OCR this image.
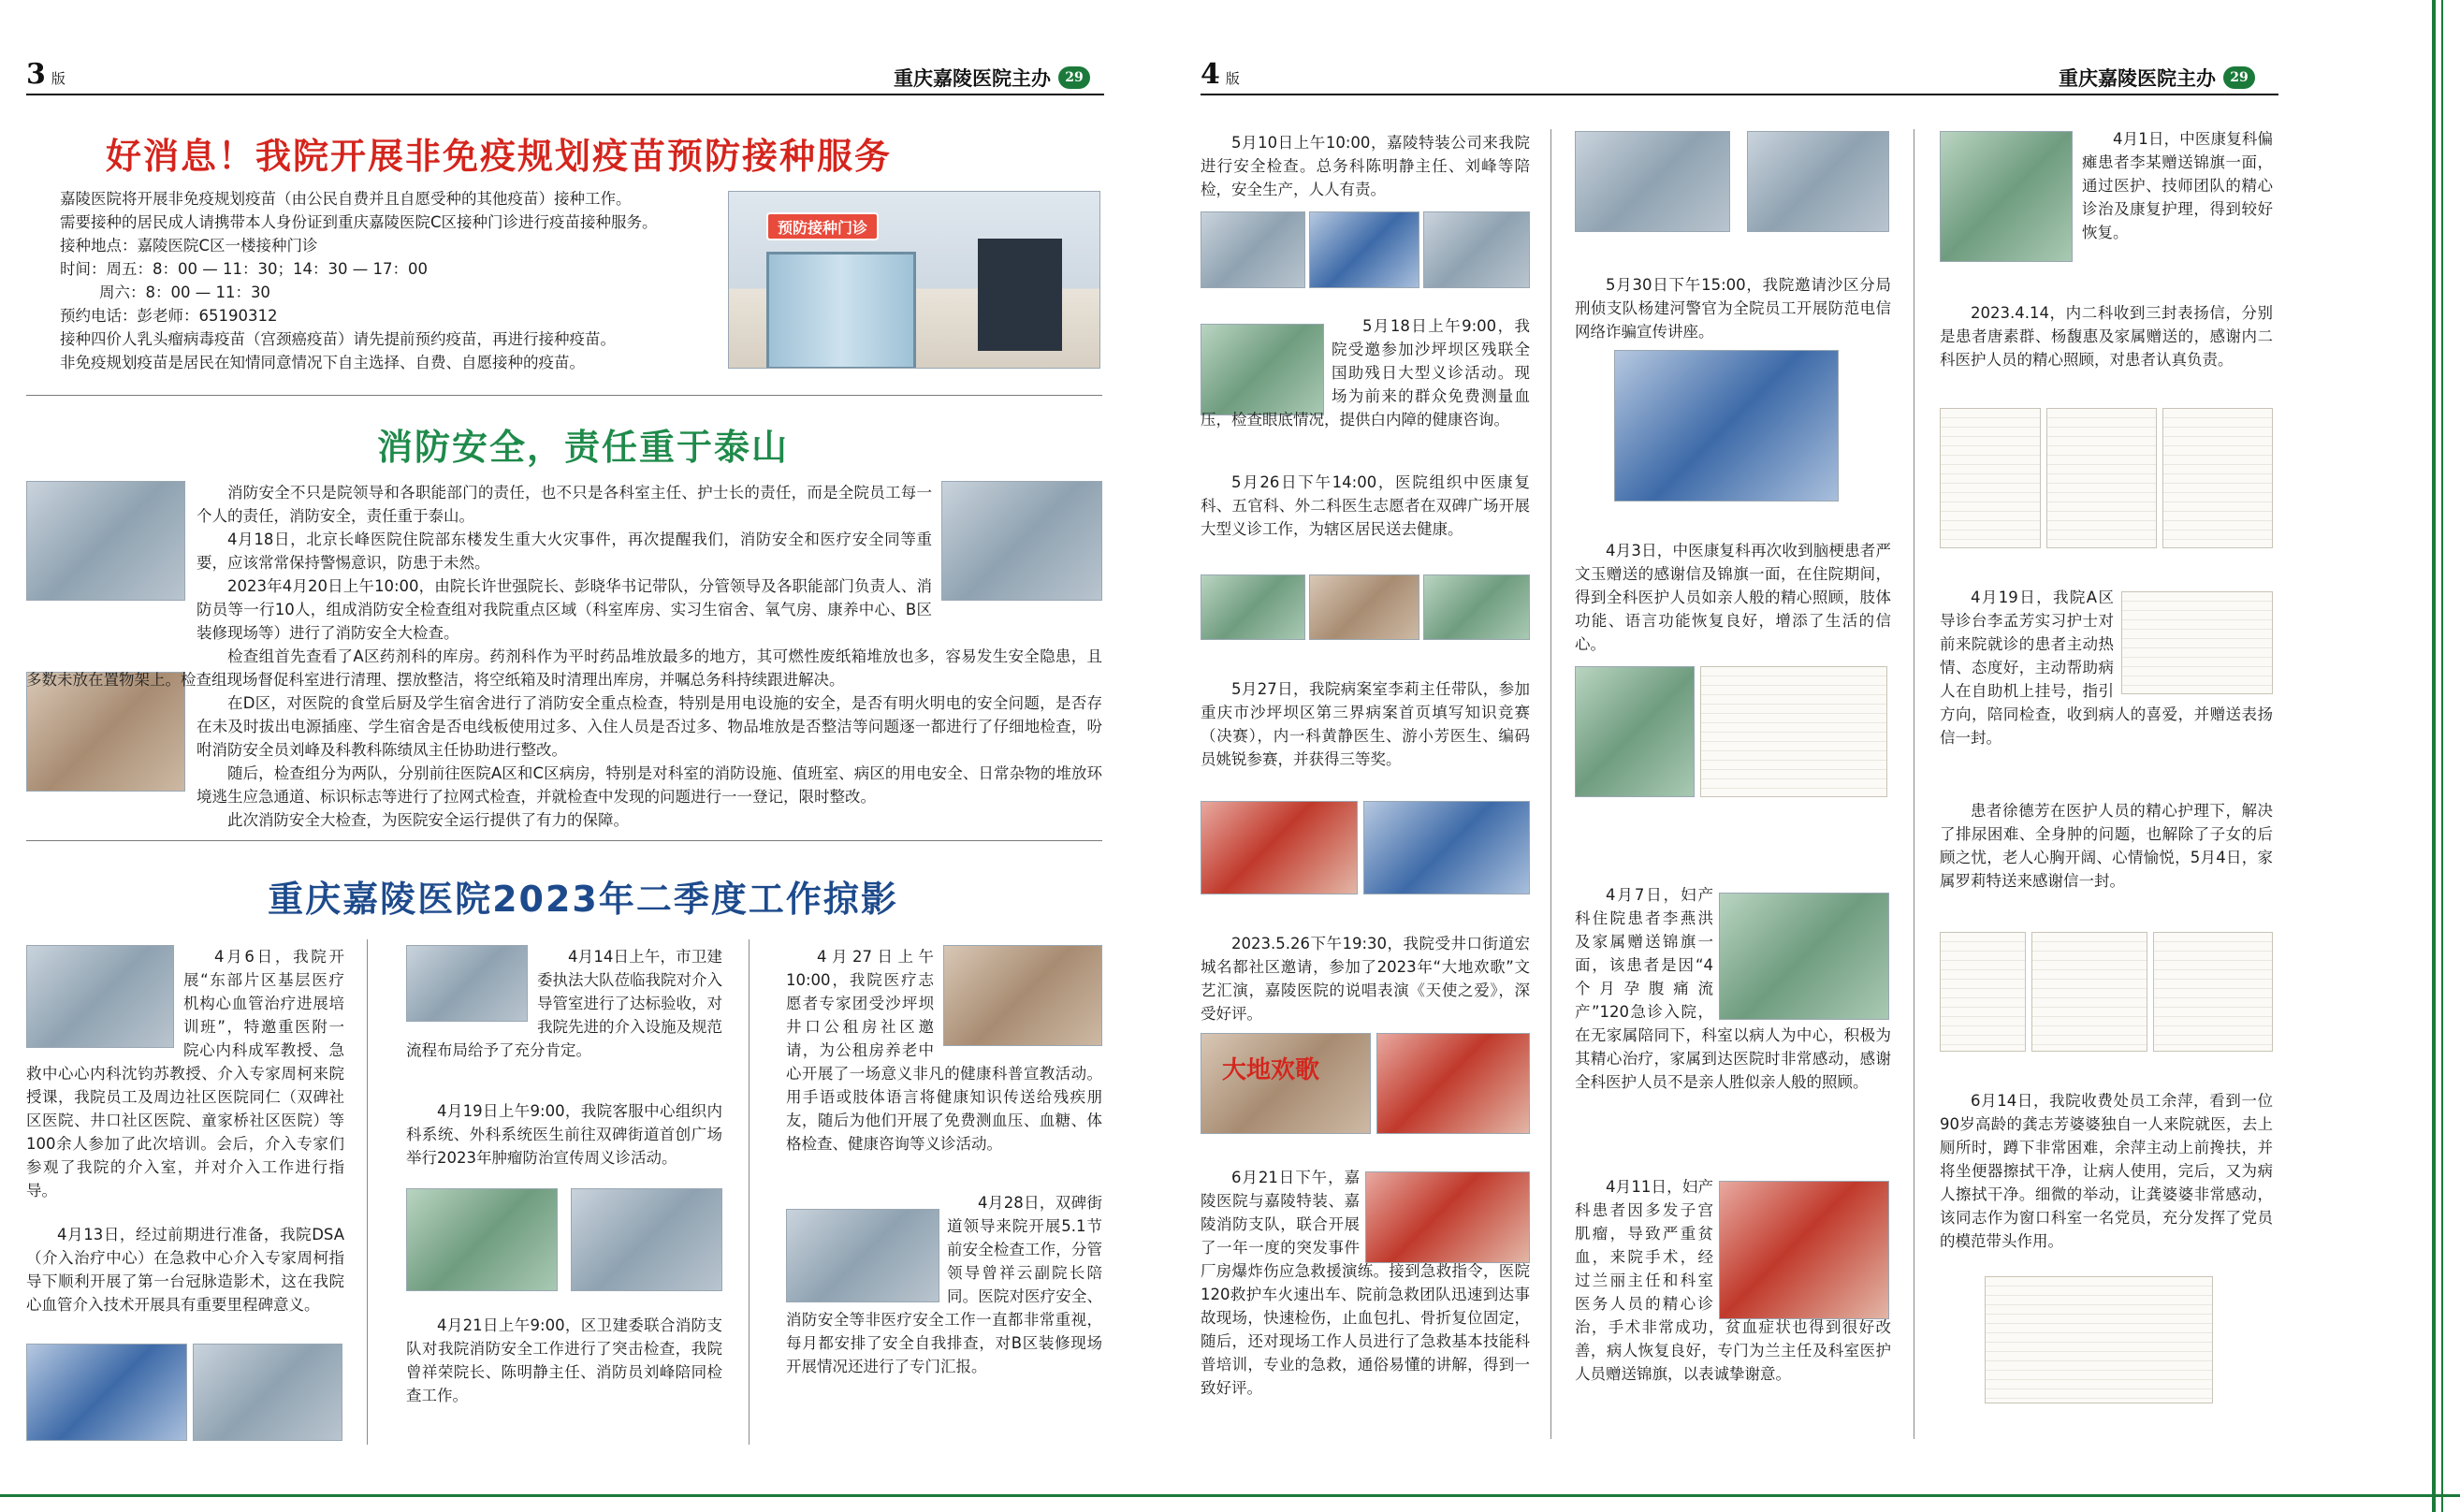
3 版	重庆嘉陵医院主办	29
好消息！我院开展非免疫规划疫苗预防接种服务

嘉陵医院将开展非免疫规划疫苗（由公民自费并且自愿受种的其他疫苗）接种工作。

需要接种的居民成人请携带本人身份证到重庆嘉陵医院C区接种门诊进行疫苗接种服务。

接种地点：嘉陵医院C区一楼接种门诊

时间：周五：8：00 — 11：30；14：30 — 17：00

周六：8：00 — 11：30

预约电话：彭老师：65190312

接种四价人乳头瘤病毒疫苗（宫颈癌疫苗）请先提前预约疫苗，再进行接种疫苗。

非免疫规划疫苗是居民在知情同意情况下自主选择、自费、自愿接种的疫苗。

预防接种门诊
消防安全，责任重于泰山

消防安全不只是院领导和各职能部门的责任，也不只是各科室主任、护士长的责任，而是全院员工每一个人的责任，消防安全，责任重于泰山。

4月18日，北京长峰医院住院部东楼发生重大火灾事件，再次提醒我们，消防安全和医疗安全同等重要，应该常常保持警惕意识，防患于未然。

2023年4月20日上午10:00，由院长许世强院长、彭晓华书记带队，分管领导及各职能部门负责人、消防员等一行10人，组成消防安全检查组对我院重点区域（科室库房、实习生宿舍、氧气房、康养中心、B区装修现场等）进行了消防安全大检查。

检查组首先查看了A区药剂科的库房。药剂科作为平时药品堆放最多的地方，其可燃性废纸箱堆放也多，容易发生安全隐患，且多数未放在置物架上。检查组现场督促科室进行清理、摆放整洁，将空纸箱及时清理出库房，并嘱总务科持续跟进解决。

在D区，对医院的食堂后厨及学生宿舍进行了消防安全重点检查，特别是用电设施的安全，是否有明火明电的安全问题，是否存在未及时拔出电源插座、学生宿舍是否电线板使用过多、入住人员是否过多、物品堆放是否整洁等问题逐一都进行了仔细地检查，吩咐消防安全员刘峰及科教科陈绩凤主任协助进行整改。

随后，检查组分为两队，分别前往医院A区和C区病房，特别是对科室的消防设施、值班室、病区的用电安全、日常杂物的堆放环境逃生应急通道、标识标志等进行了拉网式检查，并就检查中发现的问题进行一一登记，限时整改。

此次消防安全大检查，为医院安全运行提供了有力的保障。

重庆嘉陵医院2023年二季度工作掠影

4月6日，我院开展“东部片区基层医疗机构心血管治疗进展培训班”，特邀重医附一院心内科成军教授、急救中心心内科沈钧苏教授、介入专家周柯来院授课，我院员工及周边社区医院同仁（双碑社区医院、井口社区医院、童家桥社区医院）等100余人参加了此次培训。会后，介入专家们参观了我院的介入室，并对介入工作进行指导。

4月13日，经过前期进行准备，我院DSA（介入治疗中心）在急救中心介入专家周柯指导下顺利开展了第一台冠脉造影术，这在我院心血管介入技术开展具有重要里程碑意义。

4月14日上午，市卫建委执法大队莅临我院对介入导管室进行了达标验收，对我院先进的介入设施及规范流程布局给予了充分肯定。

4月19日上午9:00，我院客服中心组织内科系统、外科系统医生前往双碑街道首创广场举行2023年肿瘤防治宣传周义诊活动。

4月21日上午9:00，区卫建委联合消防支队对我院消防安全工作进行了突击检查，我院曾祥荣院长、陈明静主任、消防员刘峰陪同检查工作。

4月27日上午10:00，我院医疗志愿者专家团受沙坪坝井口公租房社区邀请，为公租房养老中心开展了一场意义非凡的健康科普宣教活动。用手语或肢体语言将健康知识传送给残疾朋友，随后为他们开展了免费测血压、血糖、体格检查、健康咨询等义诊活动。

4月28日，双碑街道领导来院开展5.1节前安全检查工作，分管领导曾祥云副院长陪同。医院对医疗安全、消防安全等非医疗安全工作一直都非常重视，每月都安排了安全自我排查，对B区装修现场开展情况还进行了专门汇报。

4 版	重庆嘉陵医院主办	29
5月10日上午10:00，嘉陵特装公司来我院进行安全检查。总务科陈明静主任、刘峰等陪检，安全生产，人人有责。

5月18日上午9:00，我院受邀参加沙坪坝区残联全国助残日大型义诊活动。现场为前来的群众免费测量血压，检查眼底情况，提供白内障的健康咨询。

5月26日下午14:00，医院组织中医康复科、五官科、外二科医生志愿者在双碑广场开展大型义诊工作，为辖区居民送去健康。
5月27日，我院病案室李莉主任带队，参加重庆市沙坪坝区第三界病案首页填写知识竞赛（决赛），内一科黄静医生、游小芳医生、编码员姚锐参赛，并获得三等奖。
2023.5.26下午19:30，我院受井口街道宏城名都社区邀请，参加了2023年“大地欢歌”文艺汇演，嘉陵医院的说唱表演《天使之爱》，深受好评。
大地欢歌

6月21日下午，嘉陵医院与嘉陵特装、嘉陵消防支队，联合开展了一年一度的突发事件厂房爆炸伤应急救援演练。接到急救指令，医院120救护车火速出车、院前急救团队迅速到达事故现场，快速检伤，止血包扎、骨折复位固定，随后，还对现场工作人员进行了急救基本技能科普培训，专业的急救，通俗易懂的讲解，得到一致好评。

5月30日下午15:00，我院邀请沙区分局刑侦支队杨建河警官为全院员工开展防范电信网络诈骗宣传讲座。
4月3日，中医康复科再次收到脑梗患者严文玉赠送的感谢信及锦旗一面，在住院期间，得到全科医护人员如亲人般的精心照顾，肢体功能、语言功能恢复良好，增添了生活的信心。

4月7日，妇产科住院患者李燕洪及家属赠送锦旗一面，该患者是因“4个月孕腹痛流产”120急诊入院，在无家属陪同下，科室以病人为中心，积极为其精心治疗，家属到达医院时非常感动，感谢全科医护人员不是亲人胜似亲人般的照顾。

4月11日，妇产科患者因多发子宫肌瘤，导致严重贫血，来院手术，经过兰丽主任和科室医务人员的精心诊治，手术非常成功，贫血症状也得到很好改善，病人恢复良好，专门为兰主任及科室医护人员赠送锦旗，以表诚挚谢意。

4月1日，中医康复科偏瘫患者李某赠送锦旗一面，通过医护、技师团队的精心诊治及康复护理，得到较好恢复。

2023.4.14，内二科收到三封表扬信，分别是患者唐素群、杨馥惠及家属赠送的，感谢内二科医护人员的精心照顾，对患者认真负责。

4月19日，我院A区导诊台李孟芳实习护士对前来院就诊的患者主动热情、态度好，主动帮助病人在自助机上挂号，指引方向，陪同检查，收到病人的喜爱，并赠送表扬信一封。

患者徐德芳在医护人员的精心护理下，解决了排尿困难、全身肿的问题，也解除了子女的后顾之忧，老人心胸开阔、心情愉悦，5月4日，家属罗莉特送来感谢信一封。
6月14日，我院收费处员工余萍，看到一位90岁高龄的龚志芳婆婆独自一人来院就医，去上厕所时，蹲下非常困难，余萍主动上前搀扶，并将坐便器擦拭干净，让病人使用，完后，又为病人擦拭干净。细微的举动，让龚婆婆非常感动，该同志作为窗口科室一名党员，充分发挥了党员的模范带头作用。
